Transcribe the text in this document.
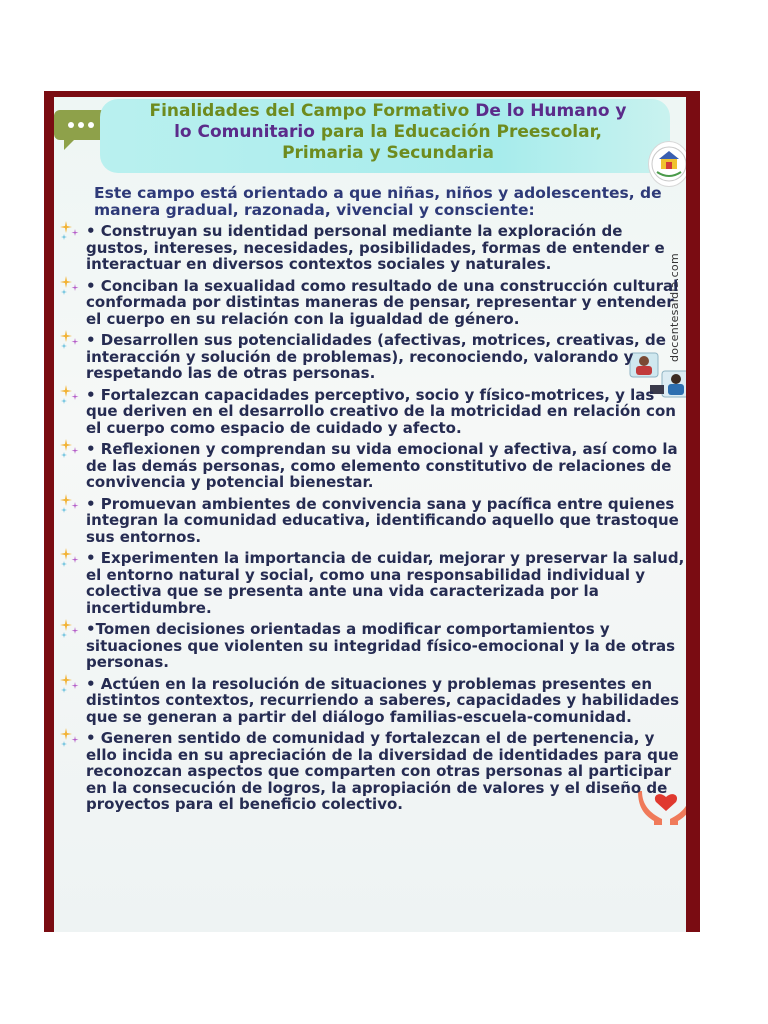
Finalidades del Campo Formativo De lo Humano y
lo Comunitario para la Educación Preescolar,
Primaria y Secundaria
docentesaldia.com
Este campo está orientado a que niñas, niños y adolescentes, de manera gradual, razonada, vivencial y consciente:
• Construyan su identidad personal mediante la exploración de gustos, intereses, necesidades, posibilidades, formas de entender e interactuar en diversos contextos sociales y naturales.
• Conciban la sexualidad como resultado de una construcción cultural conformada por distintas maneras de pensar, representar y entender el cuerpo en su relación con la igualdad de género.
• Desarrollen sus potencialidades (afectivas, motrices, creativas, de interacción y solución de problemas), reconociendo, valorando y respetando las de otras personas.
• Fortalezcan capacidades perceptivo, socio y físico-motrices, y las que deriven en el desarrollo creativo de la motricidad en relación con el cuerpo como espacio de cuidado y afecto.
• Reflexionen y comprendan su vida emocional y afectiva, así como la de las demás personas, como elemento constitutivo de relaciones de convivencia y potencial bienestar.
• Promuevan ambientes de convivencia sana y pacífica entre quienes integran la comunidad educativa, identificando aquello que trastoque sus entornos.
• Experimenten la importancia de cuidar, mejorar y preservar la salud, el entorno natural y social, como una responsabilidad individual y colectiva que se presenta ante una vida caracterizada por la incertidumbre.
•Tomen decisiones orientadas a modificar comportamientos y situaciones que violenten su integridad físico-emocional y la de otras personas.
• Actúen en la resolución de situaciones y problemas presentes en distintos contextos, recurriendo a saberes, capacidades y habilidades que se generan a partir del diálogo familias-escuela-comunidad.
• Generen sentido de comunidad y fortalezcan el de pertenencia, y ello incida en su apreciación de la diversidad de identidades para que reconozcan aspectos que comparten con otras personas al participar en la consecución de logros, la apropiación de valores y el diseño de proyectos para el beneficio colectivo.
